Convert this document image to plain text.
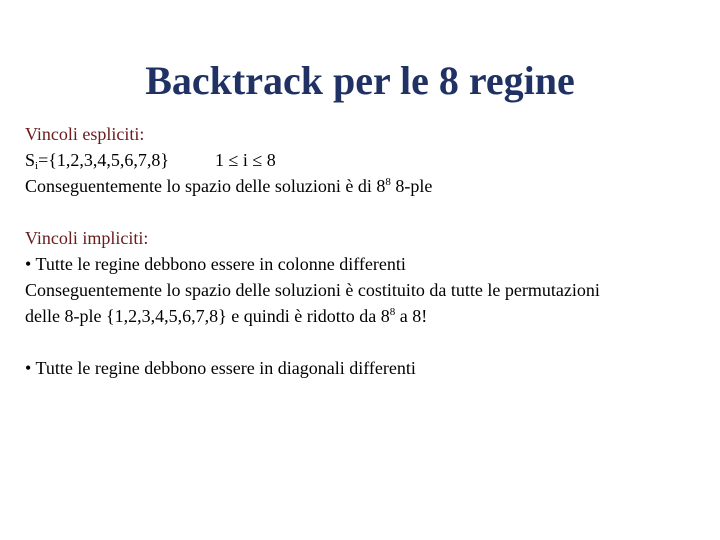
Backtrack per le 8 regine
Vincoli espliciti:
$S_i=\{1,2,3,4,5,6,7,8\}$	1 ≤ i ≤ 8
Conseguentemente lo spazio delle soluzioni è di $8^8$ 8-ple
Vincoli impliciti:
• Tutte le regine debbono essere in colonne differenti
Conseguentemente lo spazio delle soluzioni è costituito da tutte le permutazioni
delle 8-ple {1,2,3,4,5,6,7,8} e quindi è ridotto da $8^8$ a 8!
• Tutte le regine debbono essere in diagonali differenti
